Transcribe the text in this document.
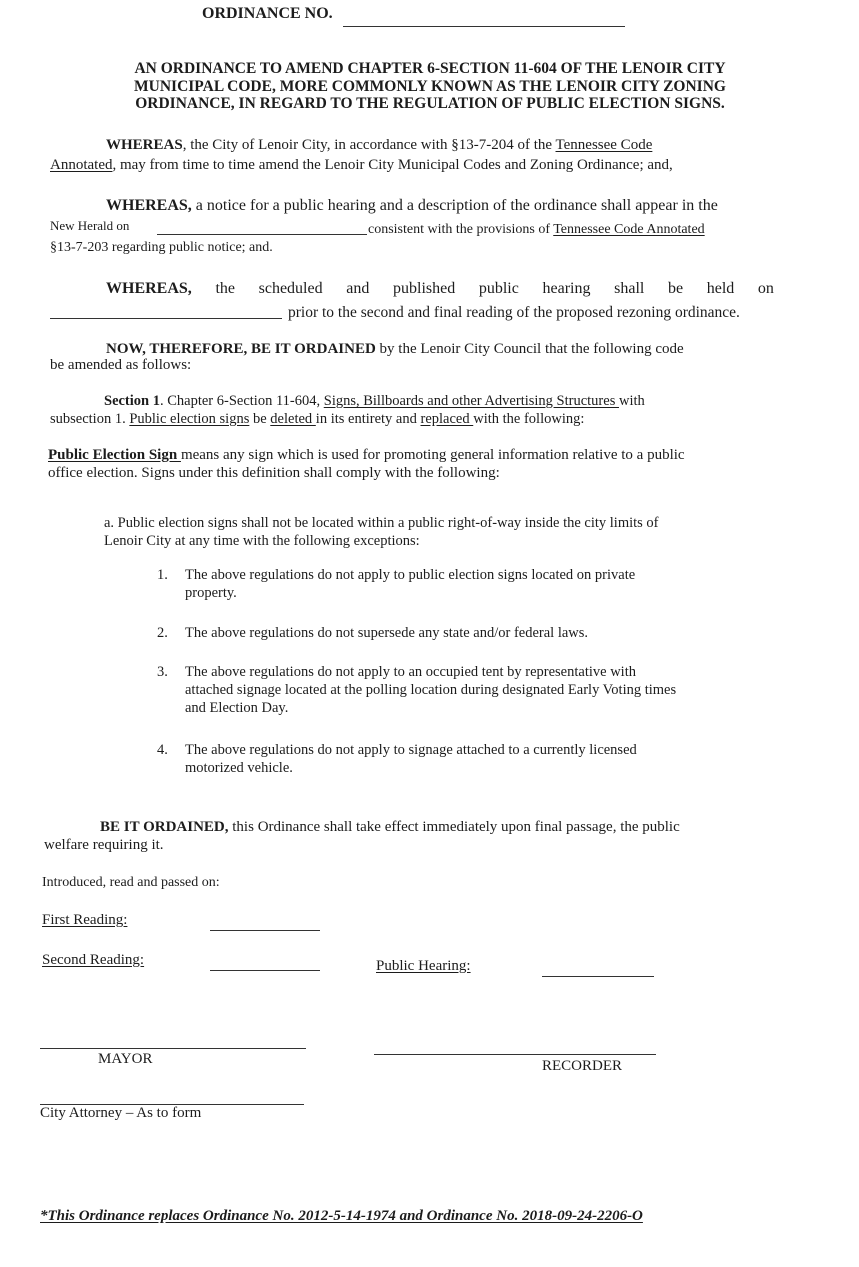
ORDINANCE NO.
AN ORDINANCE TO AMEND CHAPTER 6-SECTION 11-604 OF THE LENOIR CITY
MUNICIPAL CODE, MORE COMMONLY KNOWN AS THE LENOIR CITY ZONING
ORDINANCE, IN REGARD TO THE REGULATION OF PUBLIC ELECTION SIGNS.
WHEREAS, the City of Lenoir City, in accordance with §13-7-204 of the Tennessee Code
Annotated, may from time to time amend the Lenoir City Municipal Codes and Zoning Ordinance; and,
WHEREAS, a notice for a public hearing and a description of the ordinance shall appear in the
New Herald on	consistent with the provisions of Tennessee Code Annotated
§13-7-203 regarding public notice; and.
WHEREAS, the scheduled and published public hearing shall be held on
prior to the second and final reading of the proposed rezoning ordinance.
NOW, THEREFORE, BE IT ORDAINED by the Lenoir City Council that the following code
be amended as follows:
Section 1. Chapter 6-Section 11-604, Signs, Billboards and other Advertising Structures with
subsection 1. Public election signs be deleted in its entirety and replaced with the following:
Public Election Sign means any sign which is used for promoting general information relative to a public
office election. Signs under this definition shall comply with the following:
a. Public election signs shall not be located within a public right-of-way inside the city limits of
Lenoir City at any time with the following exceptions:
1. The above regulations do not apply to public election signs located on private
property.
2. The above regulations do not supersede any state and/or federal laws.
3. The above regulations do not apply to an occupied tent by representative with
attached signage located at the polling location during designated Early Voting times
and Election Day.
4. The above regulations do not apply to signage attached to a currently licensed
motorized vehicle.
BE IT ORDAINED, this Ordinance shall take effect immediately upon final passage, the public
welfare requiring it.
Introduced, read and passed on:
First Reading:
Second Reading:	Public Hearing:
MAYOR	RECORDER
City Attorney – As to form
*This Ordinance replaces Ordinance No. 2012-5-14-1974 and Ordinance No. 2018-09-24-2206-O
